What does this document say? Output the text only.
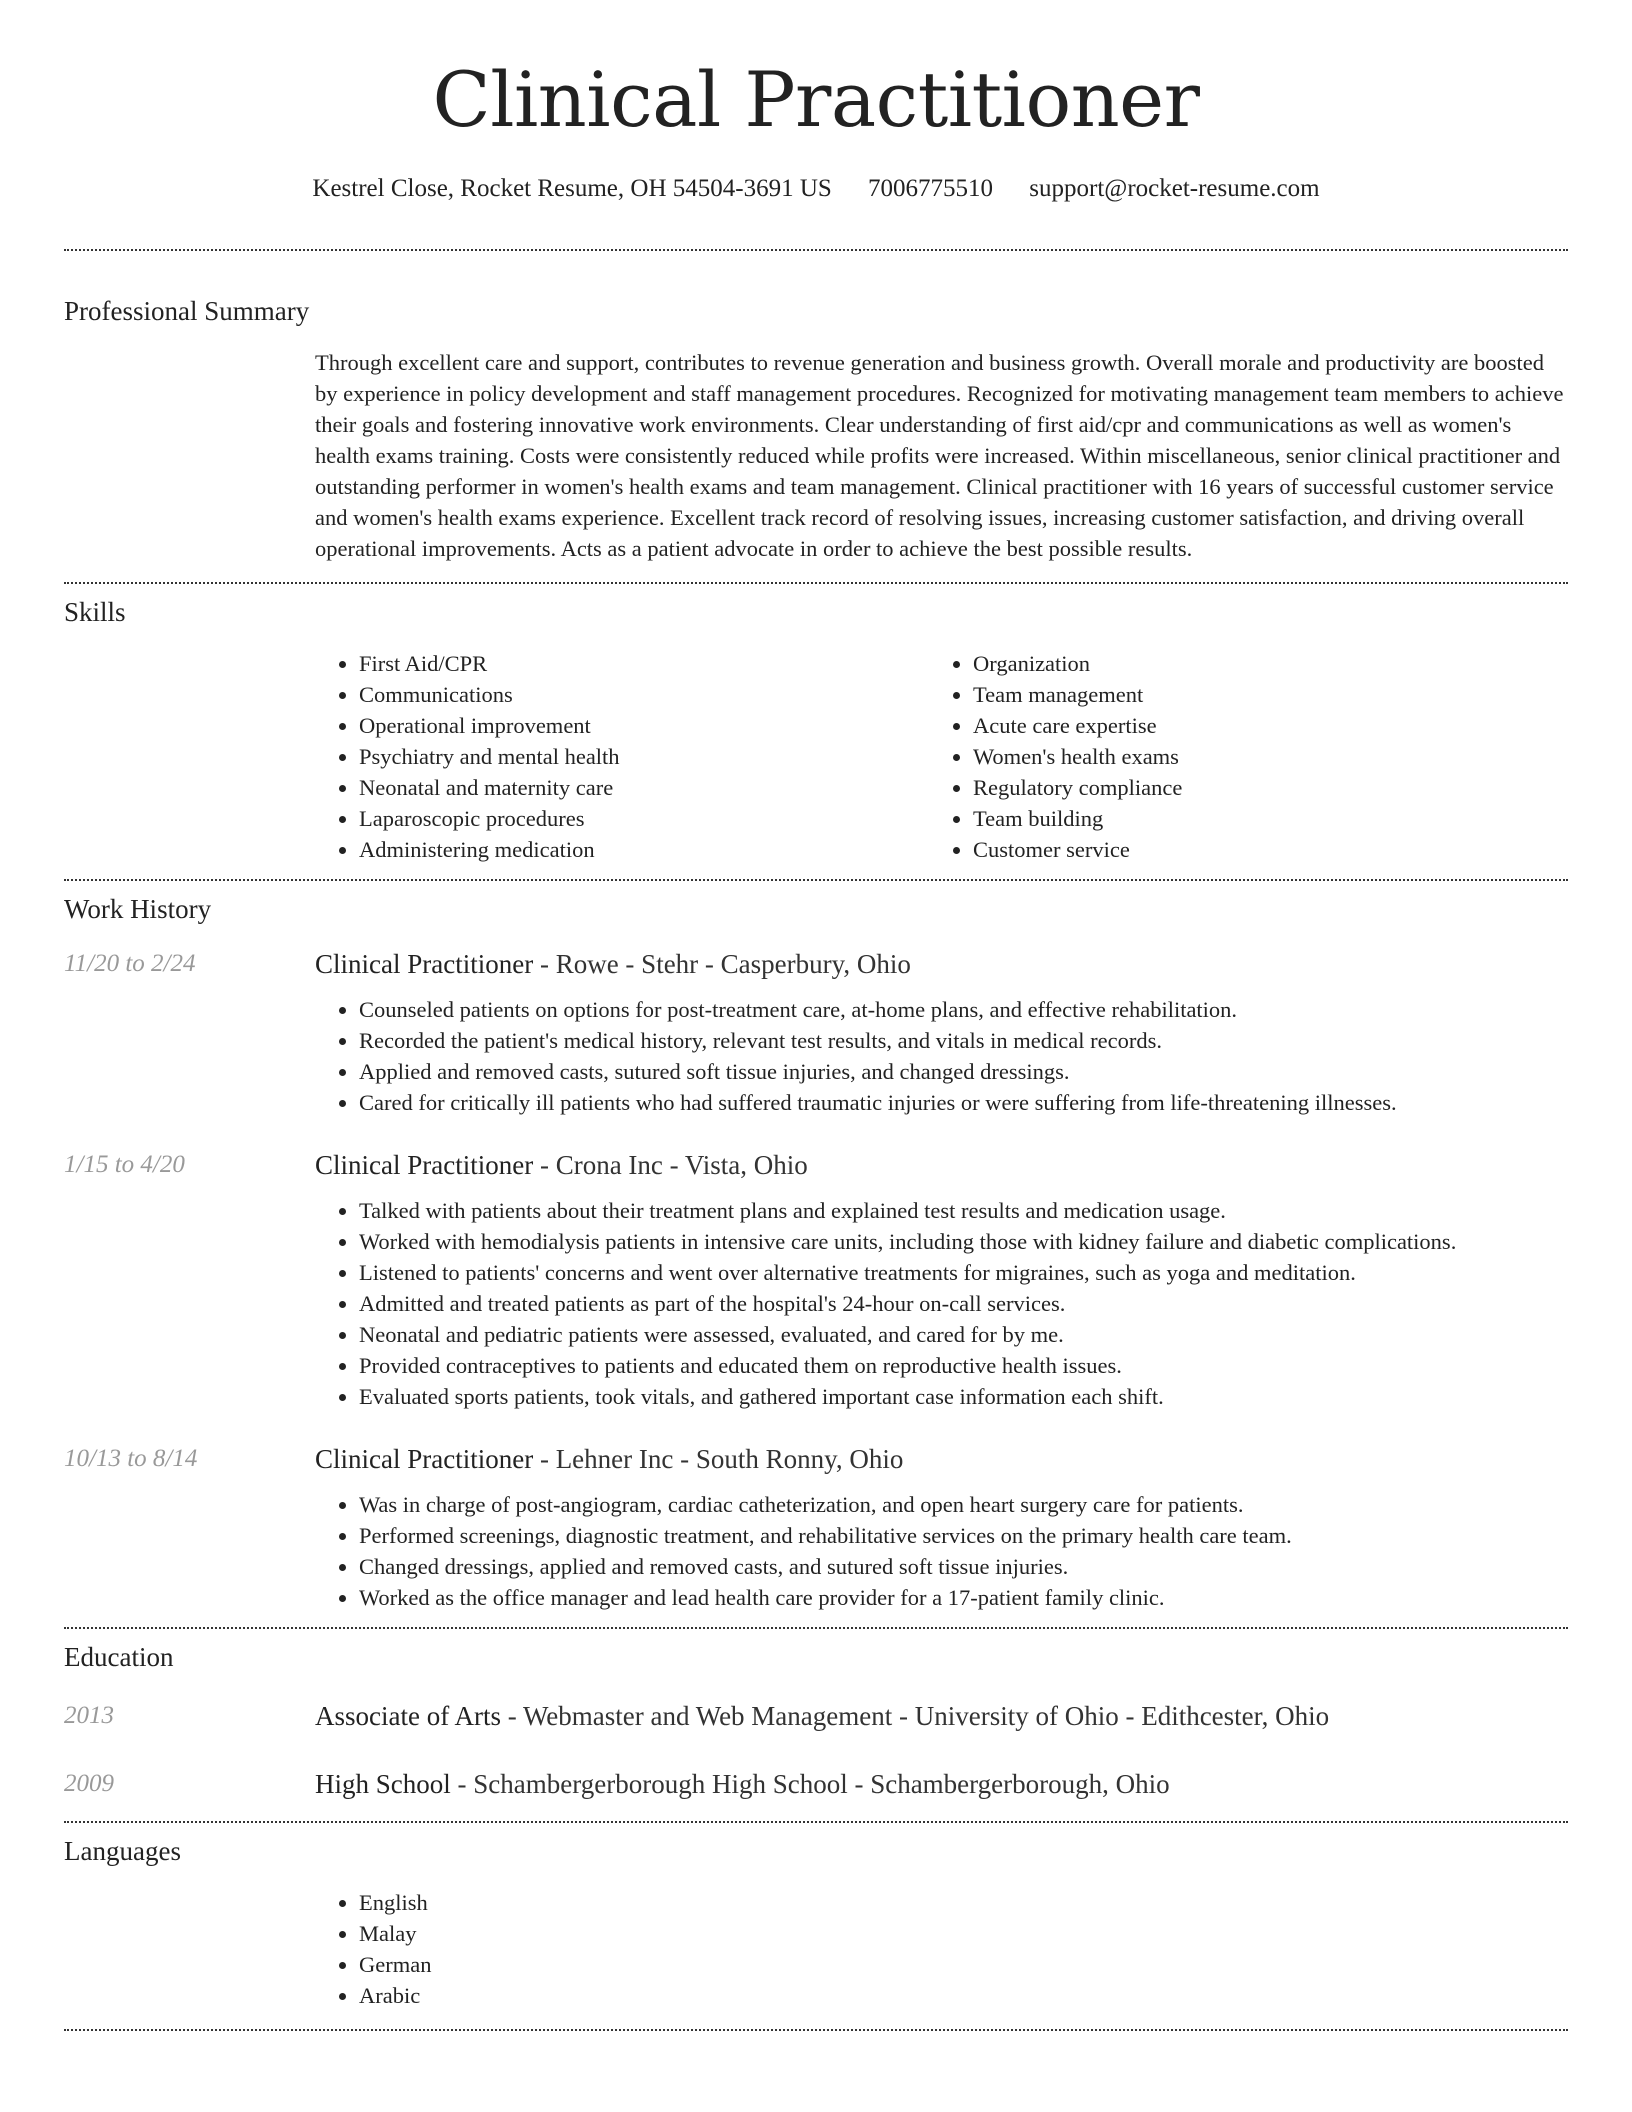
Clinical Practitioner
Kestrel Close, Rocket Resume, OH 54504-3691 US 7006775510 support@rocket-resume.com
Professional Summary

Through excellent care and support, contributes to revenue generation and business growth. Overall morale and productivity are boosted by experience in policy development and staff management procedures. Recognized for motivating management team members to achieve their goals and fostering innovative work environments. Clear understanding of first aid/cpr and communications as well as women's health exams training. Costs were consistently reduced while profits were increased. Within miscellaneous, senior clinical practitioner and outstanding performer in women's health exams and team management. Clinical practitioner with 16 years of successful customer service and women's health exams experience. Excellent track record of resolving issues, increasing customer satisfaction, and driving overall operational improvements. Acts as a patient advocate in order to achieve the best possible results.

Skills
• First Aid/CPR
• Communications
• Operational improvement
• Psychiatry and mental health
• Neonatal and maternity care
• Laparoscopic procedures
• Administering medication
• Organization
• Team management
• Acute care expertise
• Women's health exams
• Regulatory compliance
• Team building
• Customer service
Work History
11/20 to 2/24	Clinical Practitioner - Rowe - Stehr - Casperbury, Ohio
• Counseled patients on options for post-treatment care, at-home plans, and effective rehabilitation.
• Recorded the patient's medical history, relevant test results, and vitals in medical records.
• Applied and removed casts, sutured soft tissue injuries, and changed dressings.
• Cared for critically ill patients who had suffered traumatic injuries or were suffering from life-threatening illnesses.
1/15 to 4/20	Clinical Practitioner - Crona Inc - Vista, Ohio
• Talked with patients about their treatment plans and explained test results and medication usage.
• Worked with hemodialysis patients in intensive care units, including those with kidney failure and diabetic complications.
• Listened to patients' concerns and went over alternative treatments for migraines, such as yoga and meditation.
• Admitted and treated patients as part of the hospital's 24-hour on-call services.
• Neonatal and pediatric patients were assessed, evaluated, and cared for by me.
• Provided contraceptives to patients and educated them on reproductive health issues.
• Evaluated sports patients, took vitals, and gathered important case information each shift.
10/13 to 8/14	Clinical Practitioner - Lehner Inc - South Ronny, Ohio
• Was in charge of post-angiogram, cardiac catheterization, and open heart surgery care for patients.
• Performed screenings, diagnostic treatment, and rehabilitative services on the primary health care team.
• Changed dressings, applied and removed casts, and sutured soft tissue injuries.
• Worked as the office manager and lead health care provider for a 17-patient family clinic.
Education
2013	Associate of Arts - Webmaster and Web Management - University of Ohio - Edithcester, Ohio
2009	High School - Schambergerborough High School - Schambergerborough, Ohio
Languages
• English
• Malay
• German
• Arabic
